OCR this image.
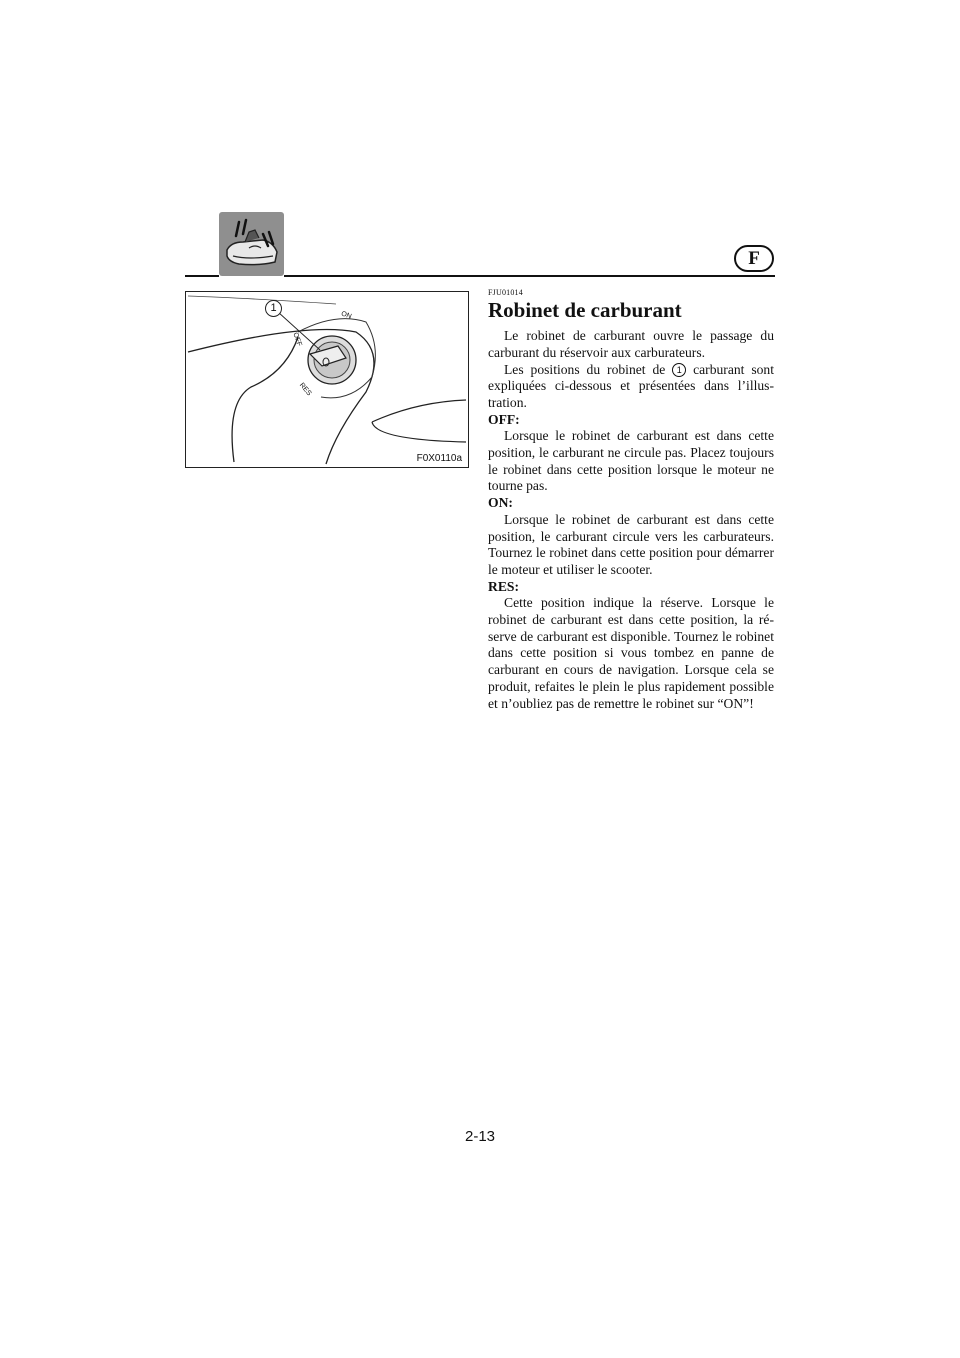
F
1
ON
OFF
RES
F0X0110a
FJU01014
Robinet de carburant

Le robinet de carburant ouvre le passage du carburant du réservoir aux carburateurs.

Les positions du robinet de 1 carburant sont expliquées ci-dessous et présentées dans l’illustration.

OFF:

Lorsque le robinet de carburant est dans cette position, le carburant ne circule pas. Placez toujours le robinet dans cette position lorsque le moteur ne tourne pas.

ON:

Lorsque le robinet de carburant est dans cette position, le carburant circule vers les carburateurs. Tournez le robinet dans cette position pour démarrer le moteur et utiliser le scooter.

RES:

Cette position indique la réserve. Lorsque le robinet de carburant est dans cette position, la réserve de carburant est disponible. Tournez le robinet dans cette position si vous tombez en panne de carburant en cours de navigation. Lorsque cela se produit, refaites le plein le plus rapidement possible et n’oubliez pas de remettre le robinet sur “ON”!

2-13
